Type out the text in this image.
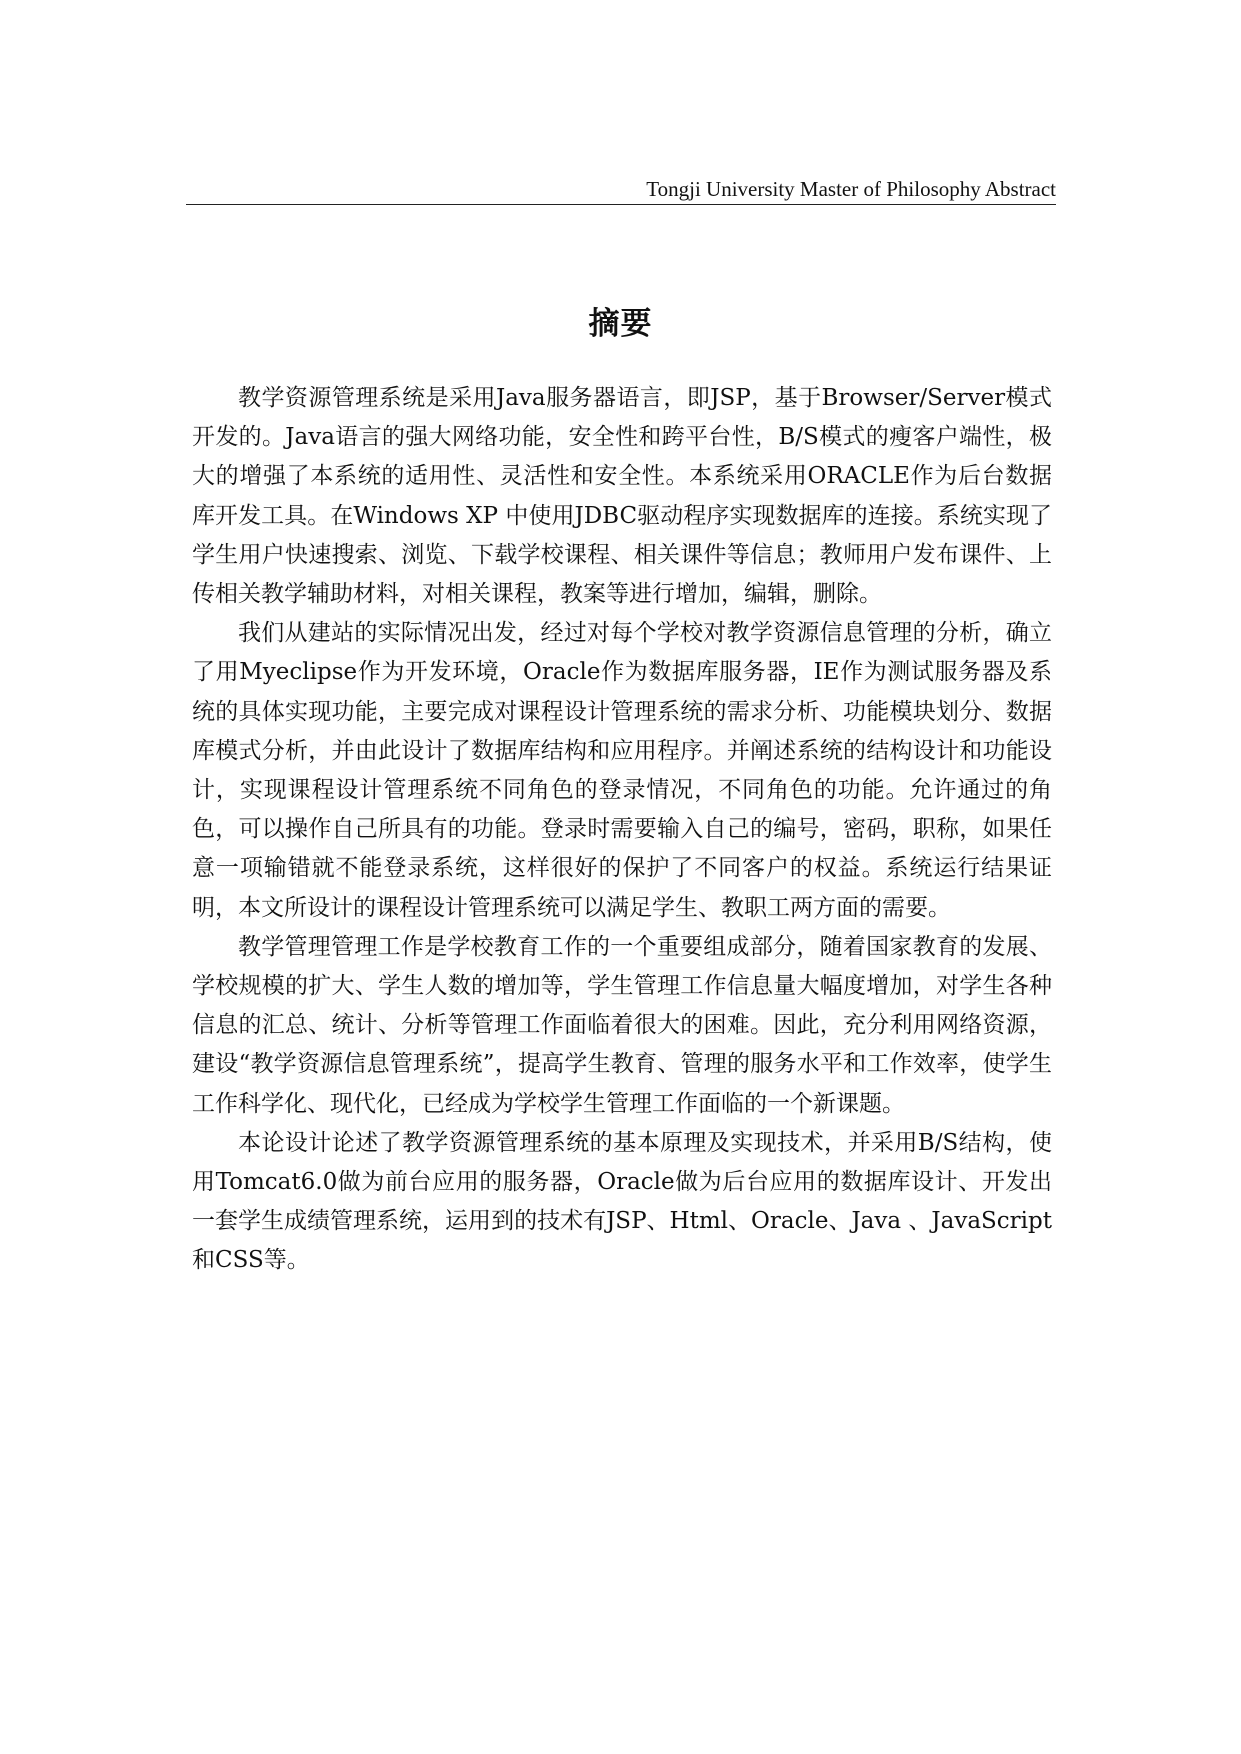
Tongji University Master of Philosophy Abstract
摘要

教学资源管理系统是采用Java服务器语言，即JSP，基于Browser/Server模式开发的。Java语言的强大网络功能，安全性和跨平台性，B/S模式的瘦客户端性，极大的增强了本系统的适用性、灵活性和安全性。本系统采用ORACLE作为后台数据库开发工具。在Windows XP 中使用JDBC驱动程序实现数据库的连接。系统实现了学生用户快速搜索、浏览、下载学校课程、相关课件等信息；教师用户发布课件、上传相关教学辅助材料，对相关课程，教案等进行增加，编辑，删除。

我们从建站的实际情况出发，经过对每个学校对教学资源信息管理的分析，确立了用Myeclipse作为开发环境，Oracle作为数据库服务器，IE作为测试服务器及系统的具体实现功能，主要完成对课程设计管理系统的需求分析、功能模块划分、数据库模式分析，并由此设计了数据库结构和应用程序。并阐述系统的结构设计和功能设计，实现课程设计管理系统不同角色的登录情况，不同角色的功能。允许通过的角色，可以操作自己所具有的功能。登录时需要输入自己的编号，密码，职称，如果任意一项输错就不能登录系统，这样很好的保护了不同客户的权益。系统运行结果证明，本文所设计的课程设计管理系统可以满足学生、教职工两方面的需要。

教学管理管理工作是学校教育工作的一个重要组成部分，随着国家教育的发展、学校规模的扩大、学生人数的增加等，学生管理工作信息量大幅度增加，对学生各种信息的汇总、统计、分析等管理工作面临着很大的困难。因此，充分利用网络资源，建设“教学资源信息管理系统”，提高学生教育、管理的服务水平和工作效率，使学生工作科学化、现代化，已经成为学校学生管理工作面临的一个新课题。

本论设计论述了教学资源管理系统的基本原理及实现技术，并采用B/S结构，使用Tomcat6.0做为前台应用的服务器，Oracle做为后台应用的数据库设计、开发出一套学生成绩管理系统，运用到的技术有JSP、Html、Oracle、Java 、JavaScript和CSS等。
